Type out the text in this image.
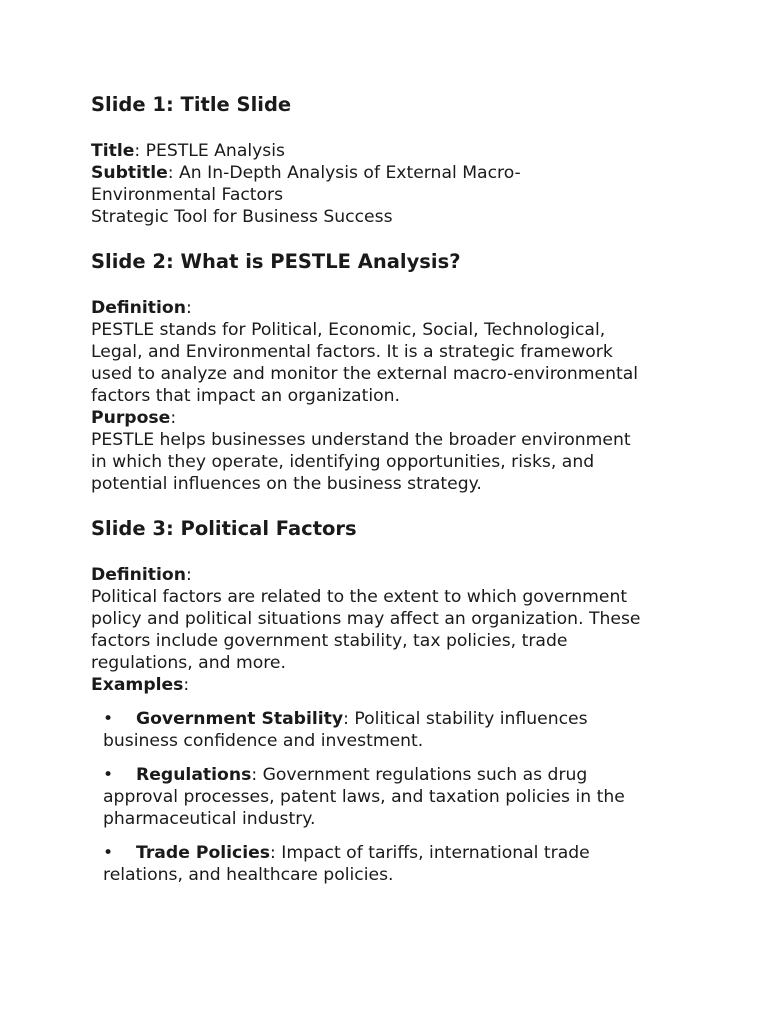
Slide 1: Title Slide

Title: PESTLE Analysis

Subtitle: An In-Depth Analysis of External Macro-

Environmental Factors

Strategic Tool for Business Success

Slide 2: What is PESTLE Analysis?

Definition:

PESTLE stands for Political, Economic, Social, Technological,

Legal, and Environmental factors. It is a strategic framework

used to analyze and monitor the external macro-environmental

factors that impact an organization.

Purpose:

PESTLE helps businesses understand the broader environment

in which they operate, identifying opportunities, risks, and

potential influences on the business strategy.

Slide 3: Political Factors

Definition:

Political factors are related to the extent to which government

policy and political situations may affect an organization. These

factors include government stability, tax policies, trade

regulations, and more.

Examples:

• Government Stability: Political stability influences
business confidence and investment.
• Regulations: Government regulations such as drug
approval processes, patent laws, and taxation policies in the
pharmaceutical industry.
• Trade Policies: Impact of tariffs, international trade
relations, and healthcare policies.
